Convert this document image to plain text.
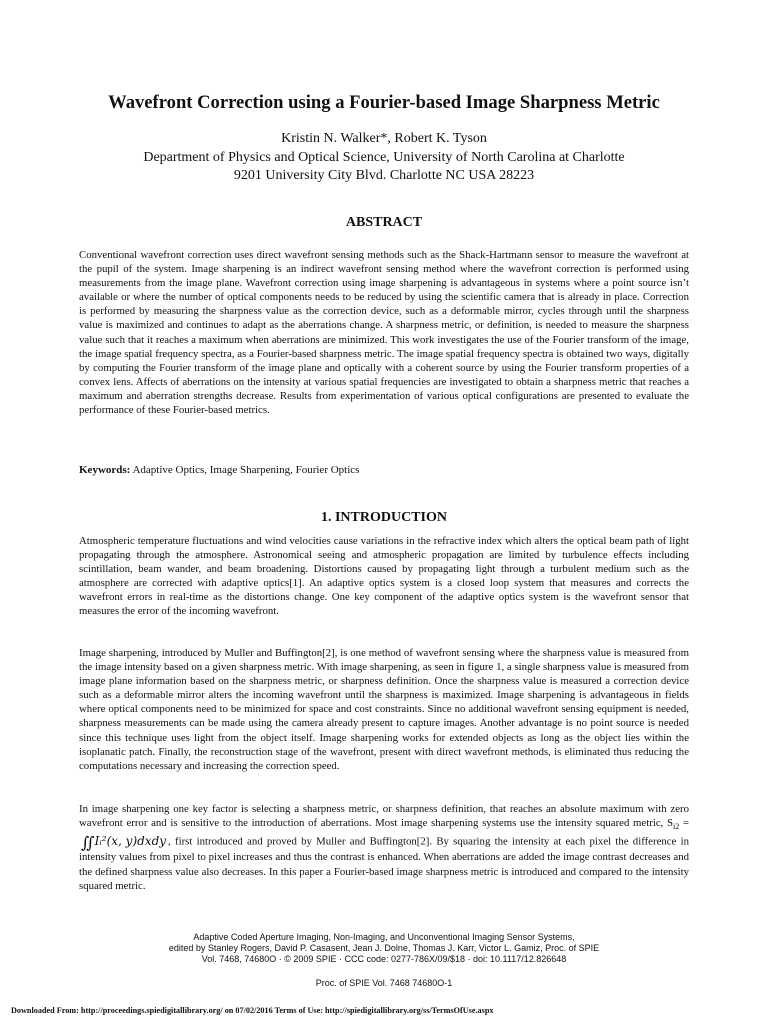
Wavefront Correction using a Fourier-based Image Sharpness Metric
Kristin N. Walker*, Robert K. Tyson
Department of Physics and Optical Science, University of North Carolina at Charlotte
9201 University City Blvd. Charlotte NC USA 28223
ABSTRACT
Conventional wavefront correction uses direct wavefront sensing methods such as the Shack-Hartmann sensor to measure the wavefront at the pupil of the system. Image sharpening is an indirect wavefront sensing method where the wavefront correction is performed using measurements from the image plane. Wavefront correction using image sharpening is advantageous in systems where a point source isn’t available or where the number of optical components needs to be reduced by using the scientific camera that is already in place. Correction is performed by measuring the sharpness value as the correction device, such as a deformable mirror, cycles through until the sharpness value is maximized and continues to adapt as the aberrations change. A sharpness metric, or definition, is needed to measure the sharpness value such that it reaches a maximum when aberrations are minimized. This work investigates the use of the Fourier transform of the image, the image spatial frequency spectra, as a Fourier-based sharpness metric. The image spatial frequency spectra is obtained two ways, digitally by computing the Fourier transform of the image plane and optically with a coherent source by using the Fourier transform properties of a convex lens. Affects of aberrations on the intensity at various spatial frequencies are investigated to obtain a sharpness metric that reaches a maximum and aberration strengths decrease. Results from experimentation of various optical configurations are presented to evaluate the performance of these Fourier-based metrics.
Keywords: Adaptive Optics, Image Sharpening, Fourier Optics
1. INTRODUCTION
Atmospheric temperature fluctuations and wind velocities cause variations in the refractive index which alters the optical beam path of light propagating through the atmosphere. Astronomical seeing and atmospheric propagation are limited by turbulence effects including scintillation, beam wander, and beam broadening. Distortions caused by propagating light through a turbulent medium such as the atmosphere are corrected with adaptive optics[1]. An adaptive optics system is a closed loop system that measures and corrects the wavefront errors in real-time as the distortions change. One key component of the adaptive optics system is the wavefront sensor that measures the error of the incoming wavefront.
Image sharpening, introduced by Muller and Buffington[2], is one method of wavefront sensing where the sharpness value is measured from the image intensity based on a given sharpness metric. With image sharpening, as seen in figure 1, a single sharpness value is measured from image plane information based on the sharpness metric, or sharpness definition. Once the sharpness value is measured a correction device such as a deformable mirror alters the incoming wavefront until the sharpness is maximized. Image sharpening is advantageous in fields where optical components need to be minimized for space and cost constraints. Since no additional wavefront sensing equipment is needed, sharpness measurements can be made using the camera already present to capture images. Another advantage is no point source is needed since this technique uses light from the object itself. Image sharpening works for extended objects as long as the object lies within the isoplanatic patch. Finally, the reconstruction stage of the wavefront, present with direct wavefront methods, is eliminated thus reducing the computations necessary and increasing the correction speed.
In image sharpening one key factor is selecting a sharpness metric, or sharpness definition, that reaches an absolute maximum with zero wavefront error and is sensitive to the introduction of aberrations. Most image sharpening systems use the intensity squared metric, $S_{i2}$ = ∬Iᵢ²(x, y)dxdy , first introduced and proved by Muller and Buffington[2]. By squaring the intensity at each pixel the difference in intensity values from pixel to pixel increases and thus the contrast is enhanced. When aberrations are added the image contrast decreases and the defined sharpness value also decreases. In this paper a Fourier-based image sharpness metric is introduced and compared to the intensity squared metric.
Adaptive Coded Aperture Imaging, Non-Imaging, and Unconventional Imaging Sensor Systems,
edited by Stanley Rogers, David P. Casasent, Jean J. Dolne, Thomas J. Karr, Victor L. Gamiz, Proc. of SPIE
Vol. 7468, 74680O · © 2009 SPIE · CCC code: 0277-786X/09/$18 · doi: 10.1117/12.826648
Proc. of SPIE Vol. 7468 74680O-1
Downloaded From: http://proceedings.spiedigitallibrary.org/ on 07/02/2016 Terms of Use: http://spiedigitallibrary.org/ss/TermsOfUse.aspx
